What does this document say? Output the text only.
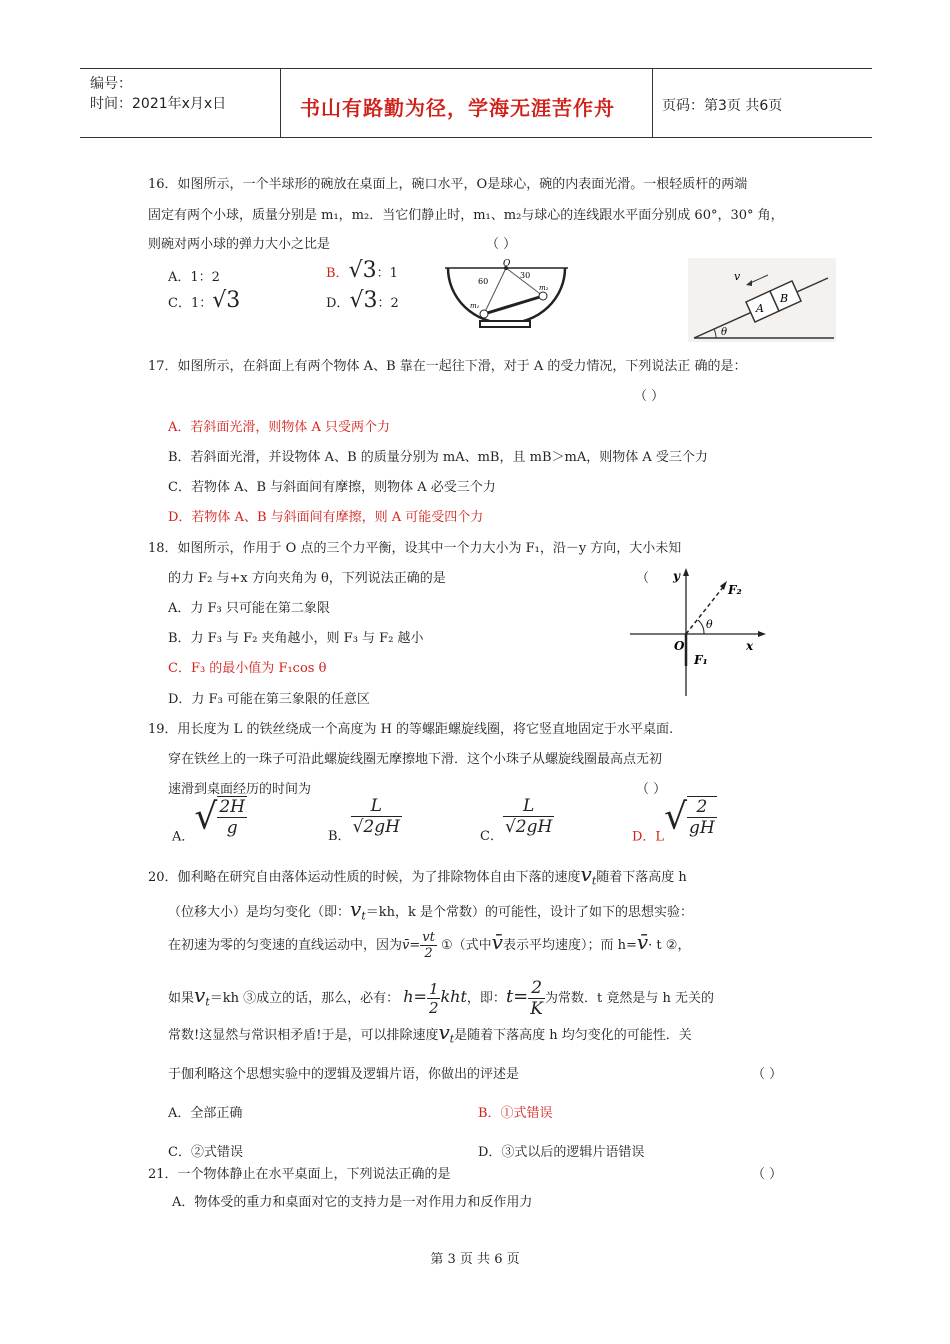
编号：
时间：2021年x月x日	页码：第3页 共6页
书山有路勤为径，学海无涯苦作舟
16．如图所示，一个半球形的碗放在桌面上，碗口水平，O是球心，碗的内表面光滑。一根轻质杆的两端
固定有两个小球，质量分别是 m₁，m₂．当它们静止时，m₁、m₂与球心的连线跟水平面分别成 60°，30° 角，
则碗对两小球的弹力大小之比是	（ ）
A．1：2	B．√3：1
C．1：√3	D．√3：2
O
60
30
m₁
m₂
v
A
B
θ
17．如图所示，在斜面上有两个物体 A、B 靠在一起往下滑，对于 A 的受力情况，下列说法正 确的是：
（ ）
A．若斜面光滑，则物体 A 只受两个力
B．若斜面光滑，并设物体 A、B 的质量分别为 mA、mB，且 mB＞mA，则物体 A 受三个力
C．若物体 A、B 与斜面间有摩擦，则物体 A 必受三个力
D．若物体 A、B 与斜面间有摩擦，则 A 可能受四个力
18．如图所示，作用于 O 点的三个力平衡，设其中一个力大小为 F₁，沿－y 方向，大小未知
的力 F₂ 与+x 方向夹角为 θ，下列说法正确的是	（
A．力 F₃ 只可能在第二象限
B．力 F₃ 与 F₂ 夹角越小，则 F₃ 与 F₂ 越小
C．F₃ 的最小值为 F₁cos θ
D．力 F₃ 可能在第三象限的任意区
y
x
O
F₁
F₂
θ
19．用长度为 L 的铁丝绕成一个高度为 H 的等螺距螺旋线圈，将它竖直地固定于水平桌面.
穿在铁丝上的一珠子可沿此螺旋线圈无摩擦地下滑．这个小珠子从螺旋线圈最高点无初
速滑到桌面经历的时间为	（ ）
A．√ $\frac{2H}{g}$	B． $\frac{L}{√2gH}$	C． $\frac{L}{√2gH}$	D．$L√ \frac{2}{gH}$
20．伽利略在研究自由落体运动性质的时候，为了排除物体自由下落的速度$v_t$随着下落高度 h
（位移大小）是均匀变化（即：$v_t=kh$，k 是个常数）的可能性，设计了如下的思想实验：
在初速为零的匀变速的直线运动中，因为v̄= $\frac{vt}{2}$ ①（式中v̄表示平均速度）；而 h=v̄· t ②，
如果$v_t=kh$ ③成立的话，那么，必有： $h= \frac{1}{2}$ kht，即：$t= \frac{2}{K}$ 为常数．t 竟然是与 h 无关的
常数!这显然与常识相矛盾!于是，可以排除速度$v_t$是随着下落高度 h 均匀变化的可能性．关
于伽利略这个思想实验中的逻辑及逻辑片语，你做出的评述是	（ ）
A．全部正确	B．①式错误
C．②式错误	D．③式以后的逻辑片语错误
21．一个物体静止在水平桌面上，下列说法正确的是	（ ）
A．物体受的重力和桌面对它的支持力是一对作用力和反作用力
第 3 页 共 6 页
